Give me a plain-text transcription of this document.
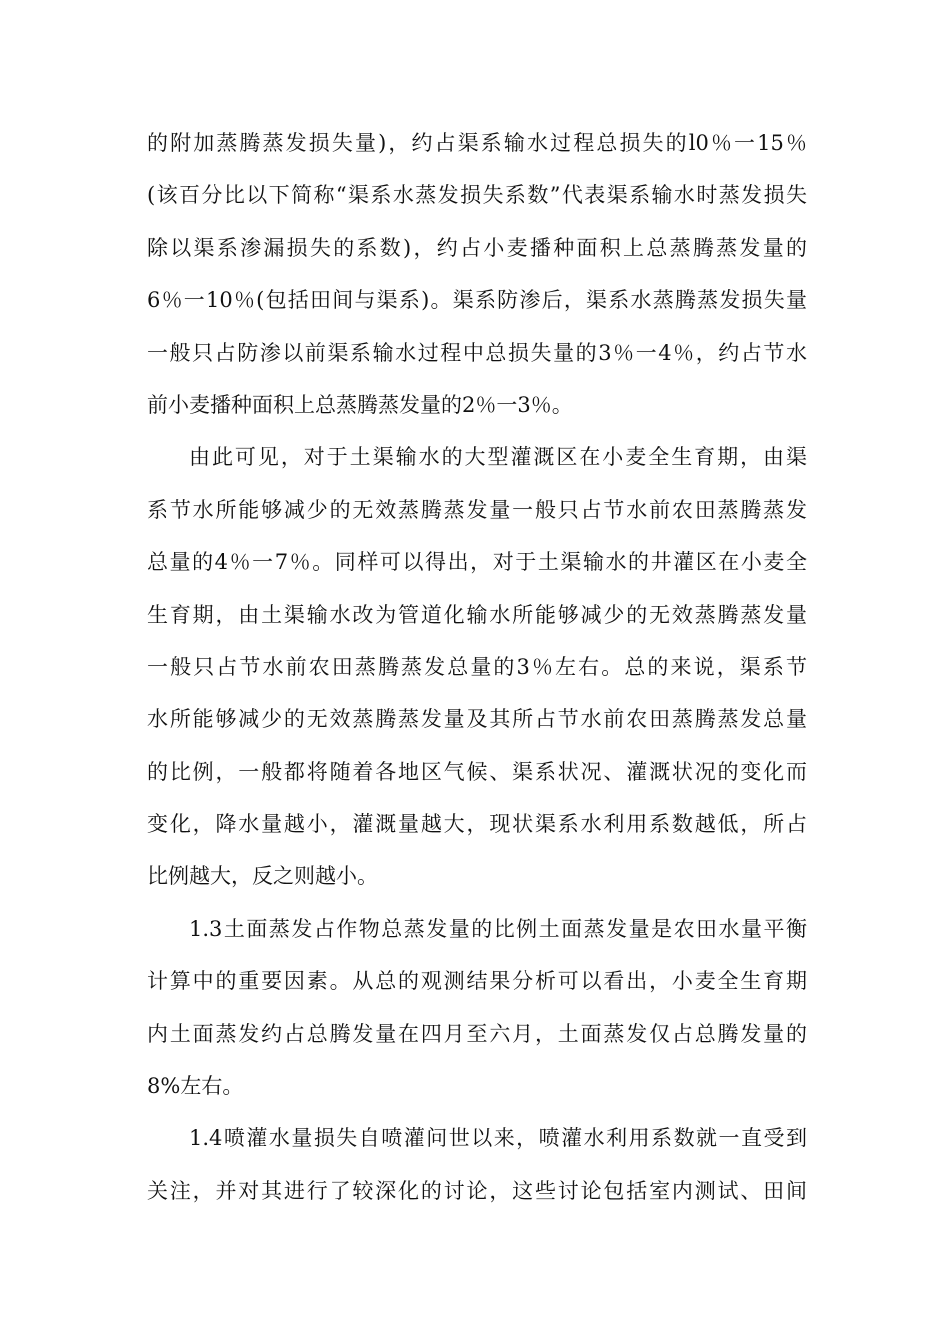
的附加蒸腾蒸发损失量)，约占渠系输水过程总损失的l0％一15％
(该百分比以下简称“渠系水蒸发损失系数”代表渠系输水时蒸发损失
除以渠系渗漏损失的系数)，约占小麦播种面积上总蒸腾蒸发量的
6％一10％(包括田间与渠系)。渠系防渗后，渠系水蒸腾蒸发损失量
一般只占防渗以前渠系输水过程中总损失量的3％一4％，约占节水
前小麦播种面积上总蒸腾蒸发量的2％一3％。
由此可见，对于土渠输水的大型灌溉区在小麦全生育期，由渠
系节水所能够减少的无效蒸腾蒸发量一般只占节水前农田蒸腾蒸发
总量的4％一7％。同样可以得出，对于土渠输水的井灌区在小麦全
生育期，由土渠输水改为管道化输水所能够减少的无效蒸腾蒸发量
一般只占节水前农田蒸腾蒸发总量的3％左右。总的来说，渠系节
水所能够减少的无效蒸腾蒸发量及其所占节水前农田蒸腾蒸发总量
的比例，一般都将随着各地区气候、渠系状况、灌溉状况的变化而
变化，降水量越小，灌溉量越大，现状渠系水利用系数越低，所占
比例越大，反之则越小。
1.3土面蒸发占作物总蒸发量的比例土面蒸发量是农田水量平衡
计算中的重要因素。从总的观测结果分析可以看出，小麦全生育期
内土面蒸发约占总腾发量在四月至六月，土面蒸发仅占总腾发量的
8%左右。
1.4喷灌水量损失自喷灌问世以来，喷灌水利用系数就一直受到
关注，并对其进行了较深化的讨论，这些讨论包括室内测试、田间
